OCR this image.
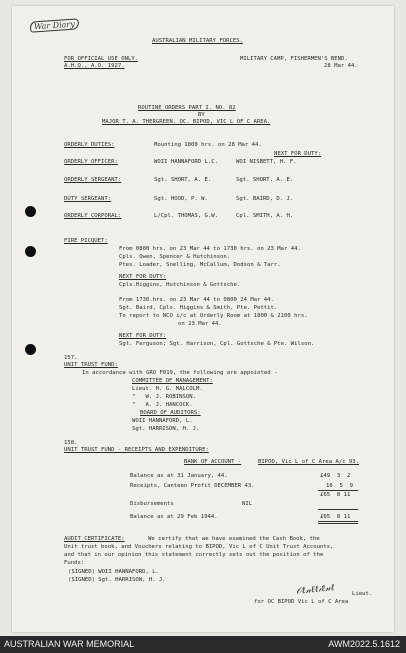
War Diary
AUSTRALIAN MILITARY FORCES.
FOR OFFICIAL USE ONLY.
A.H.Q., A.O. 1927.
MILITARY CAMP, FISHERMEN'S BEND.
28 Mar 44.
ROUTINE ORDERS PART I. NO. 82
BY
MAJOR T. A. THERGREEN. OC. BIPOD, VIC L OF C AREA.
ORDERLY DUTIES:	Mounting 1800 hrs. on 28 Mar 44.
NEXT FOR DUTY:
ORDERLY OFFICER:	WOII HANNAFORD L.C.	WOI NISBETT, H. F.
ORDERLY SERGEANT:	Sgt. SHORT, A. E.	Sgt. SHORT, A. E.
DUTY SERGEANT:	Sgt. HOOD, P. W.	Sgt. BAIRD, D. J.
ORDERLY CORPORAL:	L/Cpl. THOMAS, G.W.	Cpl. SMITH, A. H.
FIRE PICQUET:
From 0800 hrs. on 23 Mar 44 to 1730 hrs. on 23 Mar 44.
Cpls. Owen, Spencer & Hutchinson.
Ptes. Loader, Snelling, McCallum, Dodson & Tarr.
NEXT FOR DUTY:
Cpls.Higgins, Hutchinson & Gottsche.
From 1730.hrs. on 23 Mar 44 to 0800 24 Mar 44.
Sgt. Baird, Cpls. Higgins & Smith, Pte. Pettit.
To report to NCO i/c at Orderly Room at 1800 & 2100 hrs.
on 23 Mar 44.
NEXT FOR DUTY:
Sgt. Ferguson; Sgt. Harrison, Cpl. Gottsche & Pte. Wilson.
157.
UNIT TRUST FUND:
In accordance with GRO F019, the following are appointed -
COMMITTEE OF MANAGEMENT:
Lieut. H. G. MALCOLM.
"   W. J. ROBINSON.
"   A. J. HANCOCK.
BOARD OF AUDITORS:
WOII HANNAFORD, L.
Sgt. HARRISON, H. J.
158.
UNIT TRUST FUND - RECEIPTS AND EXPENDITURE:
BANK OF ACCOUNT -	BIPOD, Vic L of C Area A/c 93.
Balance as at 31 January, 44.	£49  3  2
Receipts, Canteen Profit DECEMBER 43.	16  5  9
£65  8 11
Disbursements	NIL
Balance as at 29 Feb 1944.	£65  8 11
AUDIT CERTIFICATE:	We certify that we have examined the Cash Book, the
Unit trust book, and Vouchers relating to BIPOD, Vic L of C Unit Trust Accounts,
and that in our opinion this statement correctly sets out the position of the
Funds:
(SIGNED) WOII HANNAFORD, L.
(SIGNED) Sgt. HARRISON, H. J.
𝒪ℓ𝓃ℓℓ𝒾ℓ𝓃ℓ	Lieut.
for OC BIPOD Vic L of C Area
AUSTRALIAN WAR MEMORIAL	AWM2022.5.1612
